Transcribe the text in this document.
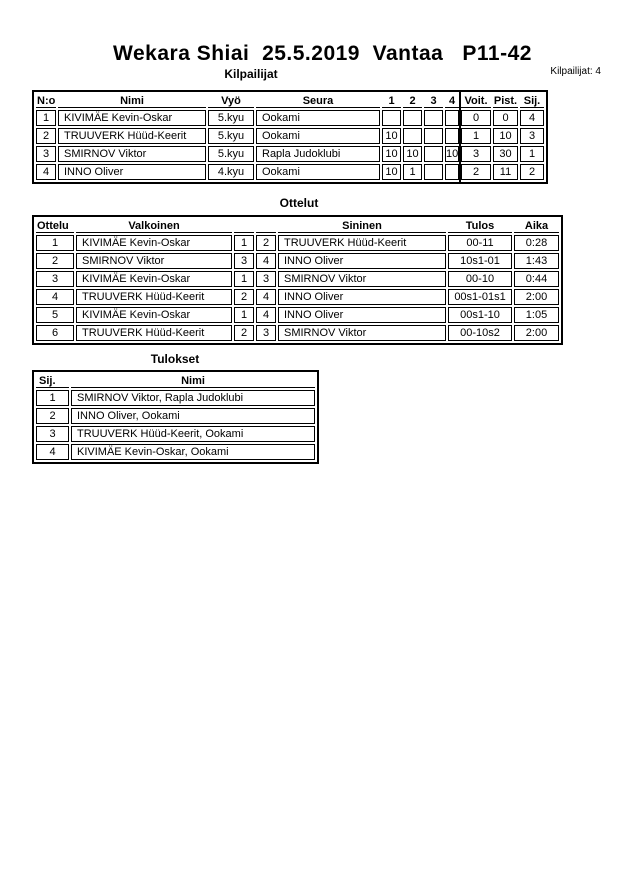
Wekara Shiai  25.5.2019  Vantaa   P11-42
Kilpailijat	Kilpailijat: 4
N:o	Nimi	Vyö	Seura	1	2	3	4	Voit.	Pist.	Sij.
1	KIVIMÄE Kevin-Oskar	5.kyu	Ookami					0	0	4
2	TRUUVERK Hüüd-Keerit	5.kyu	Ookami	10				1	10	3
3	SMIRNOV Viktor	5.kyu	Rapla Judoklubi	10	10		10	3	30	1
4	INNO Oliver	4.kyu	Ookami	10	1			2	11	2
Ottelut
Ottelu	Valkoinen			Sininen	Tulos	Aika
1	KIVIMÄE Kevin-Oskar	1	2	TRUUVERK Hüüd-Keerit	00-11	0:28
2	SMIRNOV Viktor	3	4	INNO Oliver	10s1-01	1:43
3	KIVIMÄE Kevin-Oskar	1	3	SMIRNOV Viktor	00-10	0:44
4	TRUUVERK Hüüd-Keerit	2	4	INNO Oliver	00s1-01s1	2:00
5	KIVIMÄE Kevin-Oskar	1	4	INNO Oliver	00s1-10	1:05
6	TRUUVERK Hüüd-Keerit	2	3	SMIRNOV Viktor	00-10s2	2:00
Tulokset
Sij.	Nimi
1	SMIRNOV Viktor, Rapla Judoklubi
2	INNO Oliver, Ookami
3	TRUUVERK Hüüd-Keerit, Ookami
4	KIVIMÄE Kevin-Oskar, Ookami
